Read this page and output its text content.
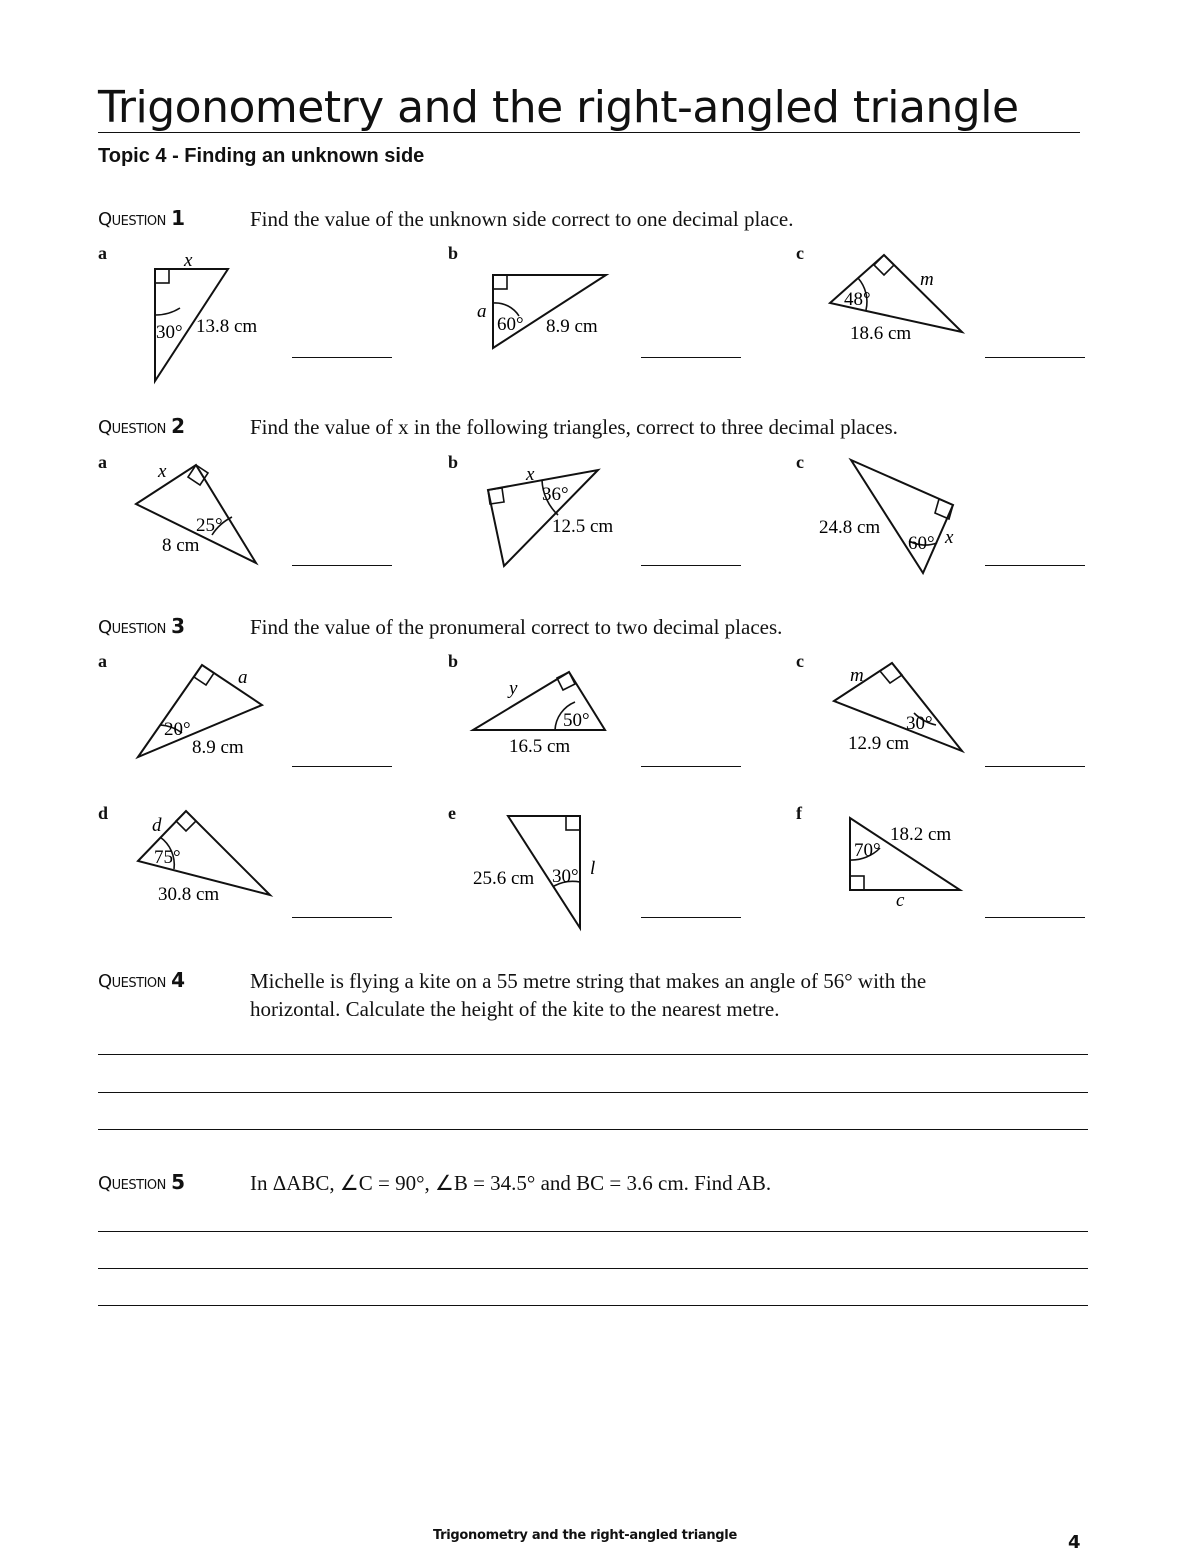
Trigonometry and the right-angled triangle
Topic 4 - Finding an unknown side
Question 1	Find the value of the unknown side correct to one decimal place.
a	x
30° 13.8 cm
b
a
60° 8.9 cm
c
m
48°
18.6 cm
Question 2	Find the value of x in the following triangles, correct to three decimal places.
a	x
25°
8 cm
b
x
36°
12.5 cm
c
x
60°
24.8 cm
Question 3	Find the value of the pronumeral correct to two decimal places.
a
a
20°
8.9 cm
b
y
50°
16.5 cm
c
m
30°
12.9 cm
d
d
75°
30.8 cm
e
l
30°
25.6 cm
f
c
70°
18.2 cm
Question 4	Michelle is flying a kite on a 55 metre string that makes an angle of 56° with the
horizontal. Calculate the height of the kite to the nearest metre.
Question 5	In ΔABC, ∠C = 90°, ∠B = 34.5° and BC = 3.6 cm. Find AB.
Trigonometry and the right-angled triangle	4
